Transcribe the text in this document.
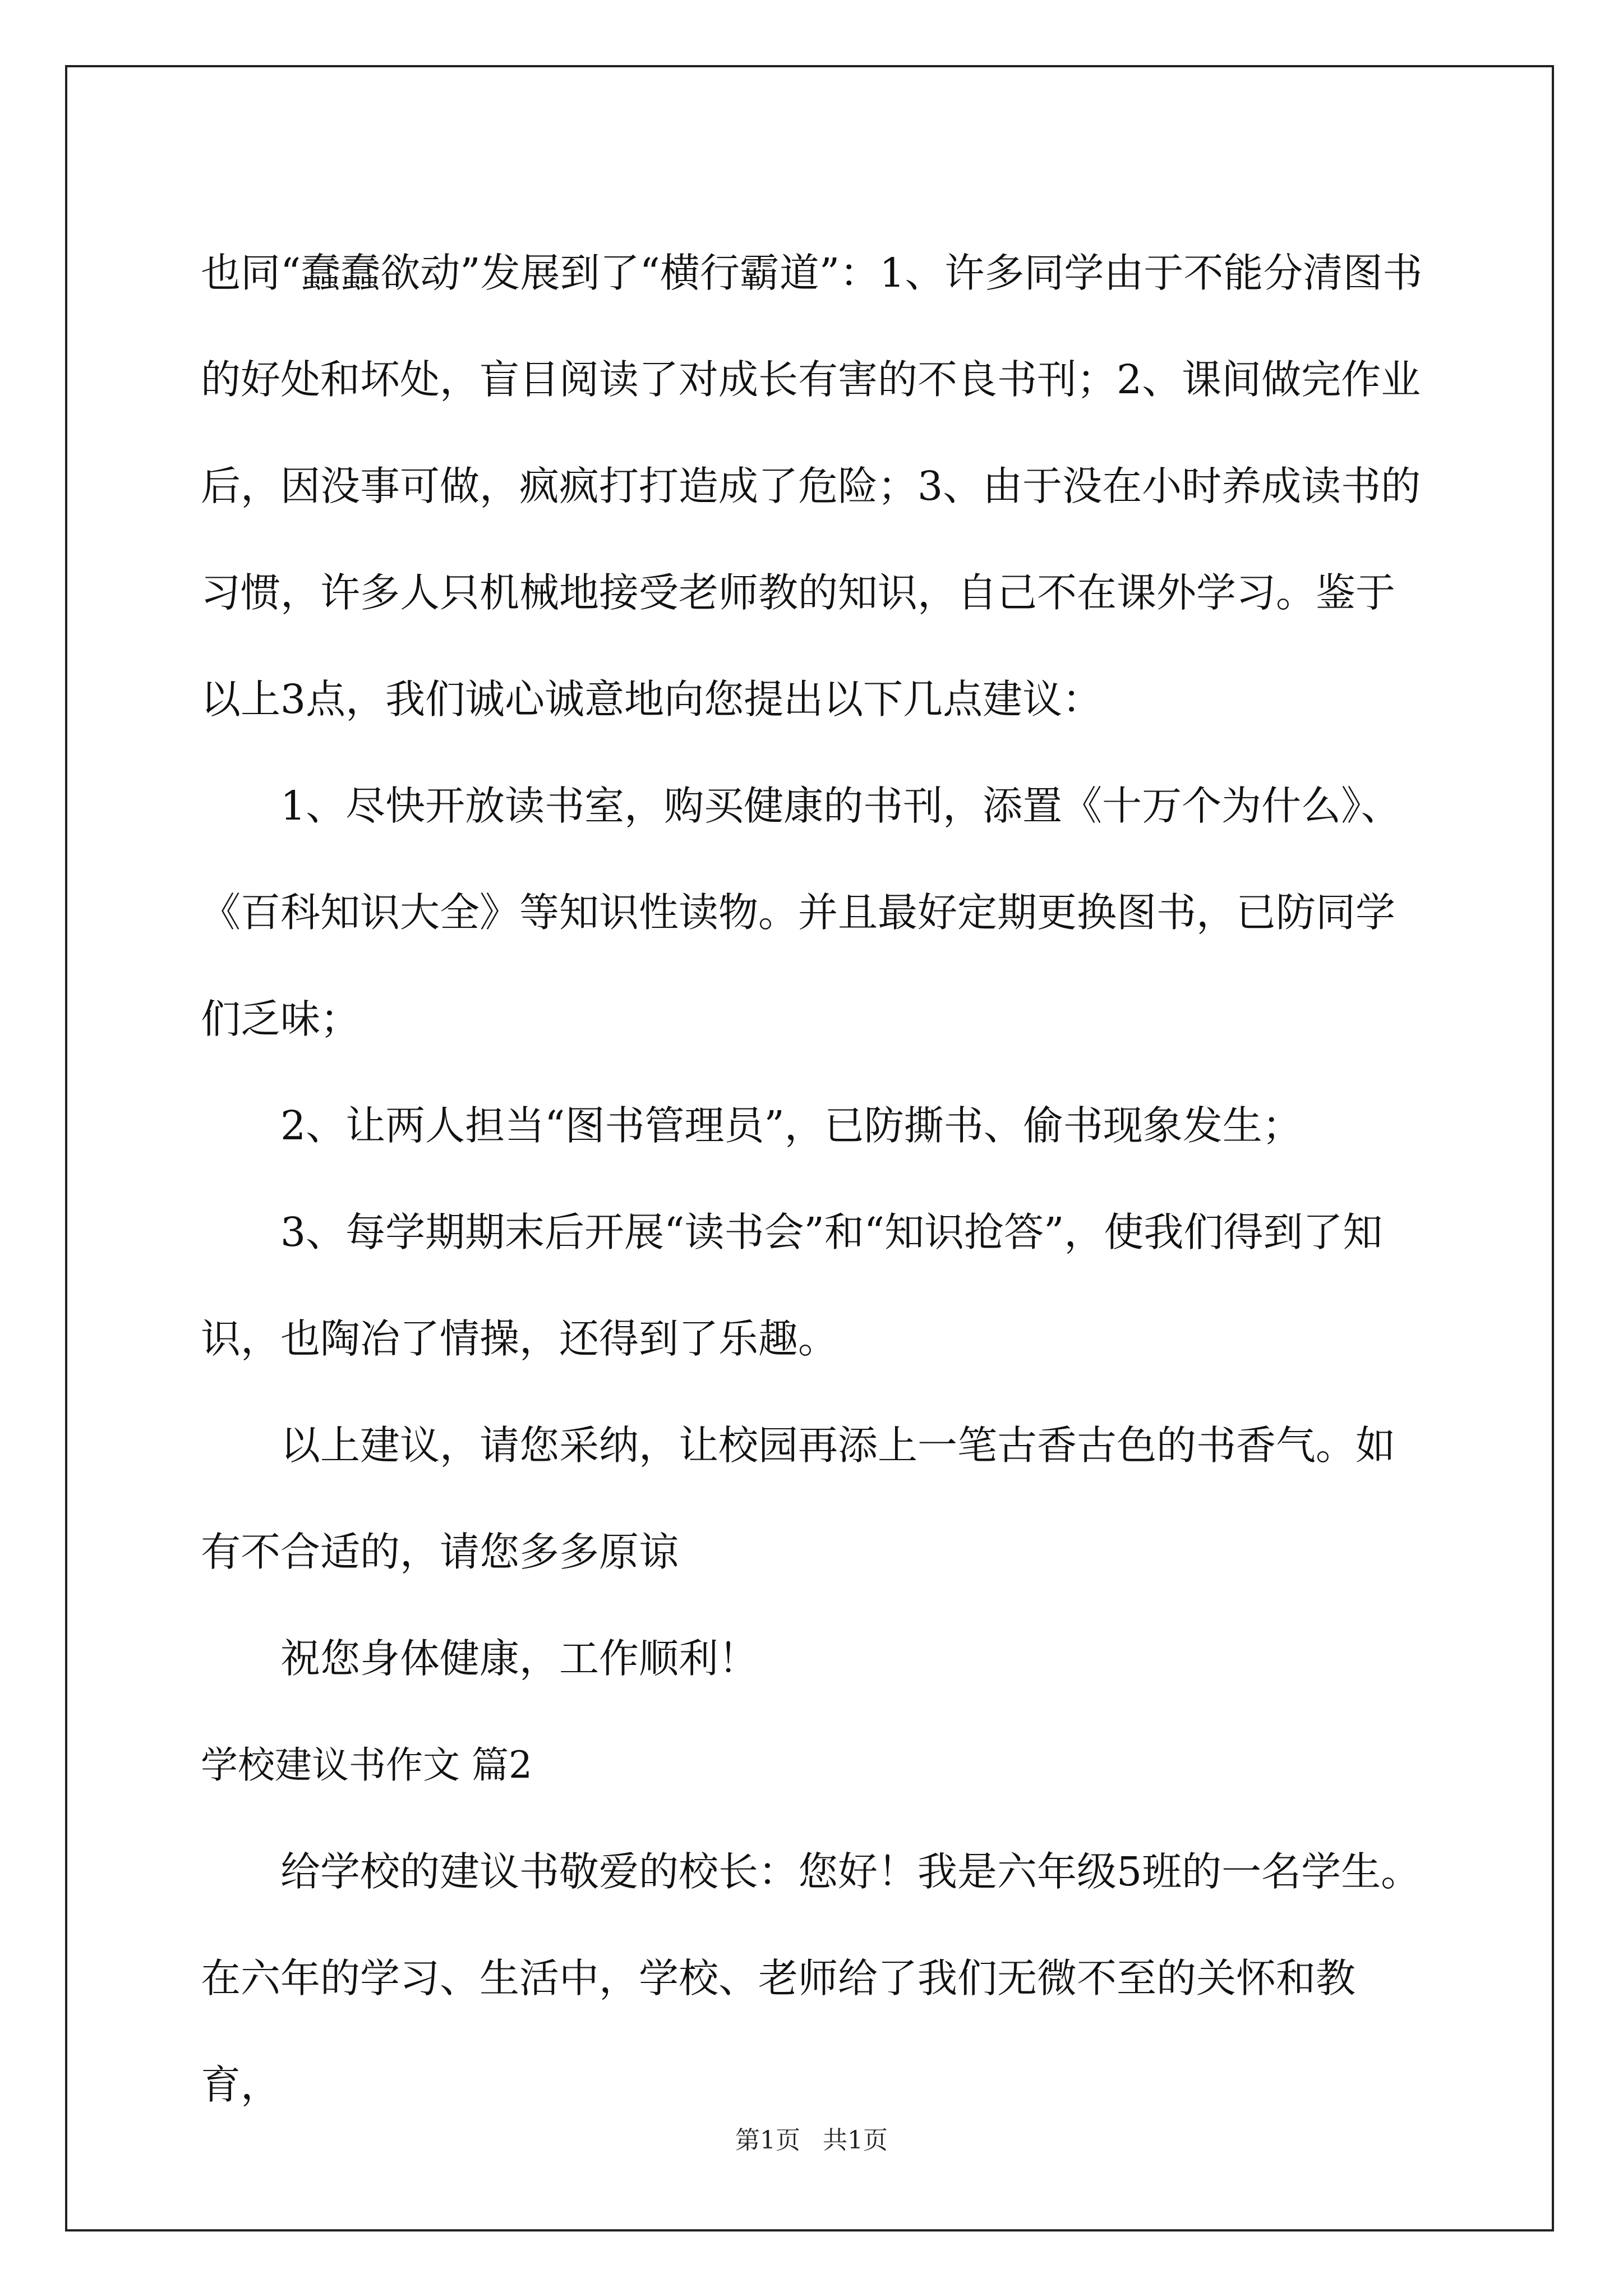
也同“蠢蠢欲动”发展到了“横行霸道”：1、许多同学由于不能分清图书的好处和坏处，盲目阅读了对成长有害的不良书刊；2、课间做完作业后，因没事可做，疯疯打打造成了危险；3、由于没在小时养成读书的习惯，许多人只机械地接受老师教的知识，自己不在课外学习。鉴于以上3点，我们诚心诚意地向您提出以下几点建议：

1、尽快开放读书室，购买健康的书刊，添置《十万个为什么》、《百科知识大全》等知识性读物。并且最好定期更换图书，已防同学们乏味；

2、让两人担当“图书管理员”，已防撕书、偷书现象发生；

3、每学期期末后开展“读书会”和“知识抢答”，使我们得到了知识，也陶冶了情操，还得到了乐趣。

以上建议，请您采纳，让校园再添上一笔古香古色的书香气。如有不合适的，请您多多原谅

祝您身体健康，工作顺利！

学校建议书作文 篇2

给学校的建议书敬爱的校长：您好！我是六年级5班的一名学生。在六年的学习、生活中，学校、老师给了我们无微不至的关怀和教育，

第1页 共1页
